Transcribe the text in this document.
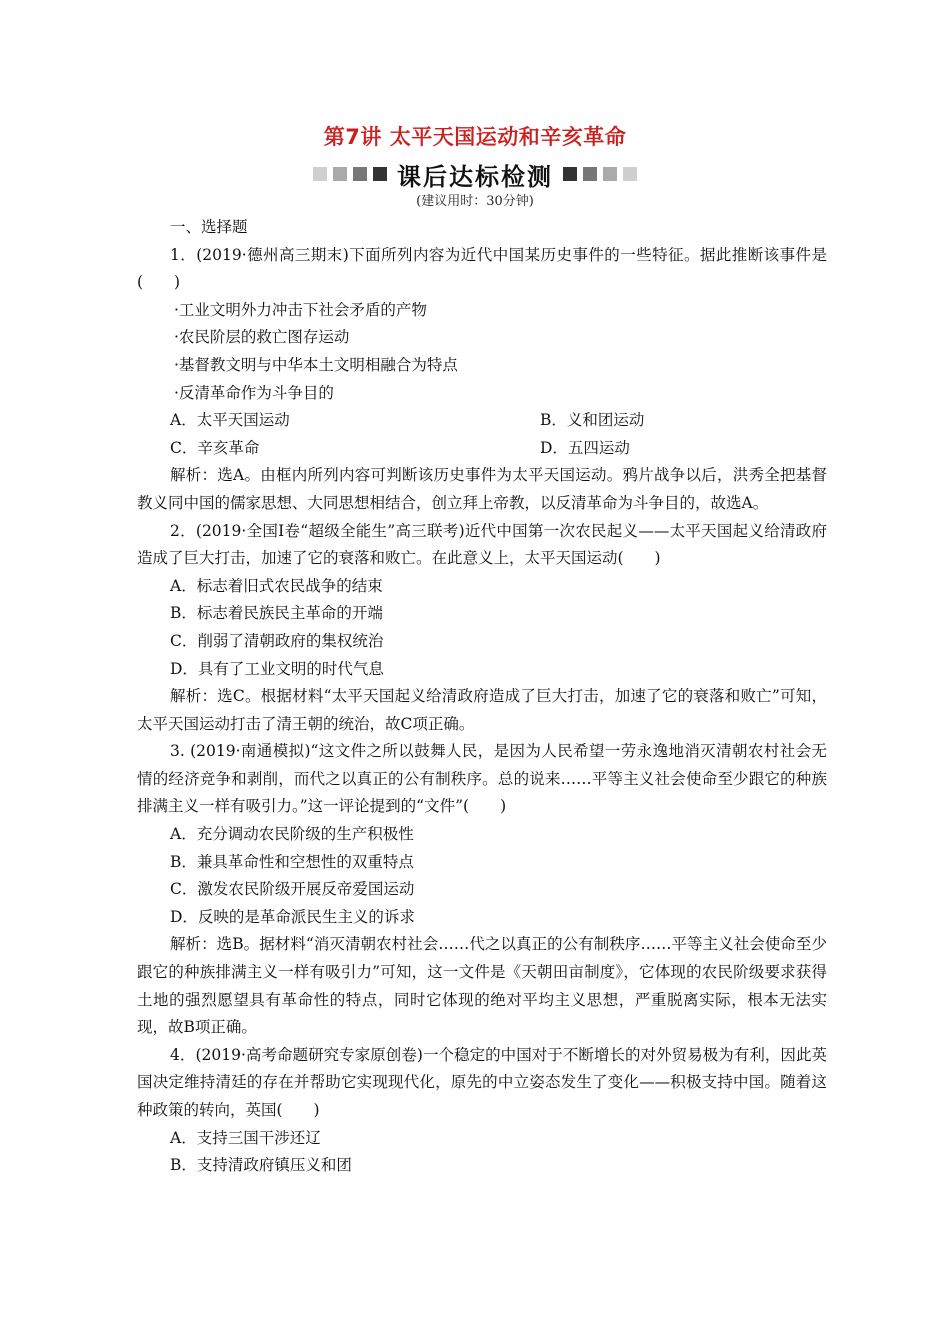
第7讲 太平天国运动和辛亥革命
课后达标检测
(建议用时：30分钟)

一、选择题

1．(2019·德州高三期末)下面所列内容为近代中国某历史事件的一些特征。据此推断该事件是(　　)

·工业文明外力冲击下社会矛盾的产物

·农民阶层的救亡图存运动

·基督教文明与中华本土文明相融合为特点

·反清革命作为斗争目的

A．太平天国运动	B．义和团运动
C．辛亥革命	D．五四运动

解析：选A。由框内所列内容可判断该历史事件为太平天国运动。鸦片战争以后，洪秀全把基督教义同中国的儒家思想、大同思想相结合，创立拜上帝教，以反清革命为斗争目的，故选A。

2．(2019·全国Ⅰ卷“超级全能生”高三联考)近代中国第一次农民起义——太平天国起义给清政府造成了巨大打击，加速了它的衰落和败亡。在此意义上，太平天国运动(　　)

A．标志着旧式农民战争的结束

B．标志着民族民主革命的开端

C．削弱了清朝政府的集权统治

D．具有了工业文明的时代气息

解析：选C。根据材料“太平天国起义给清政府造成了巨大打击，加速了它的衰落和败亡”可知，太平天国运动打击了清王朝的统治，故C项正确。

3. (2019·南通模拟)“这文件之所以鼓舞人民，是因为人民希望一劳永逸地消灭清朝农村社会无情的经济竞争和剥削，而代之以真正的公有制秩序。总的说来……平等主义社会使命至少跟它的种族排满主义一样有吸引力。”这一评论提到的“文件”(　　)

A．充分调动农民阶级的生产积极性

B．兼具革命性和空想性的双重特点

C．激发农民阶级开展反帝爱国运动

D．反映的是革命派民生主义的诉求

解析：选B。据材料“消灭清朝农村社会……代之以真正的公有制秩序……平等主义社会使命至少跟它的种族排满主义一样有吸引力”可知，这一文件是《天朝田亩制度》，它体现的农民阶级要求获得土地的强烈愿望具有革命性的特点，同时它体现的绝对平均主义思想，严重脱离实际，根本无法实现，故B项正确。

4．(2019·高考命题研究专家原创卷)一个稳定的中国对于不断增长的对外贸易极为有利，因此英国决定维持清廷的存在并帮助它实现现代化，原先的中立姿态发生了变化——积极支持中国。随着这种政策的转向，英国(　　)

A．支持三国干涉还辽

B．支持清政府镇压义和团
